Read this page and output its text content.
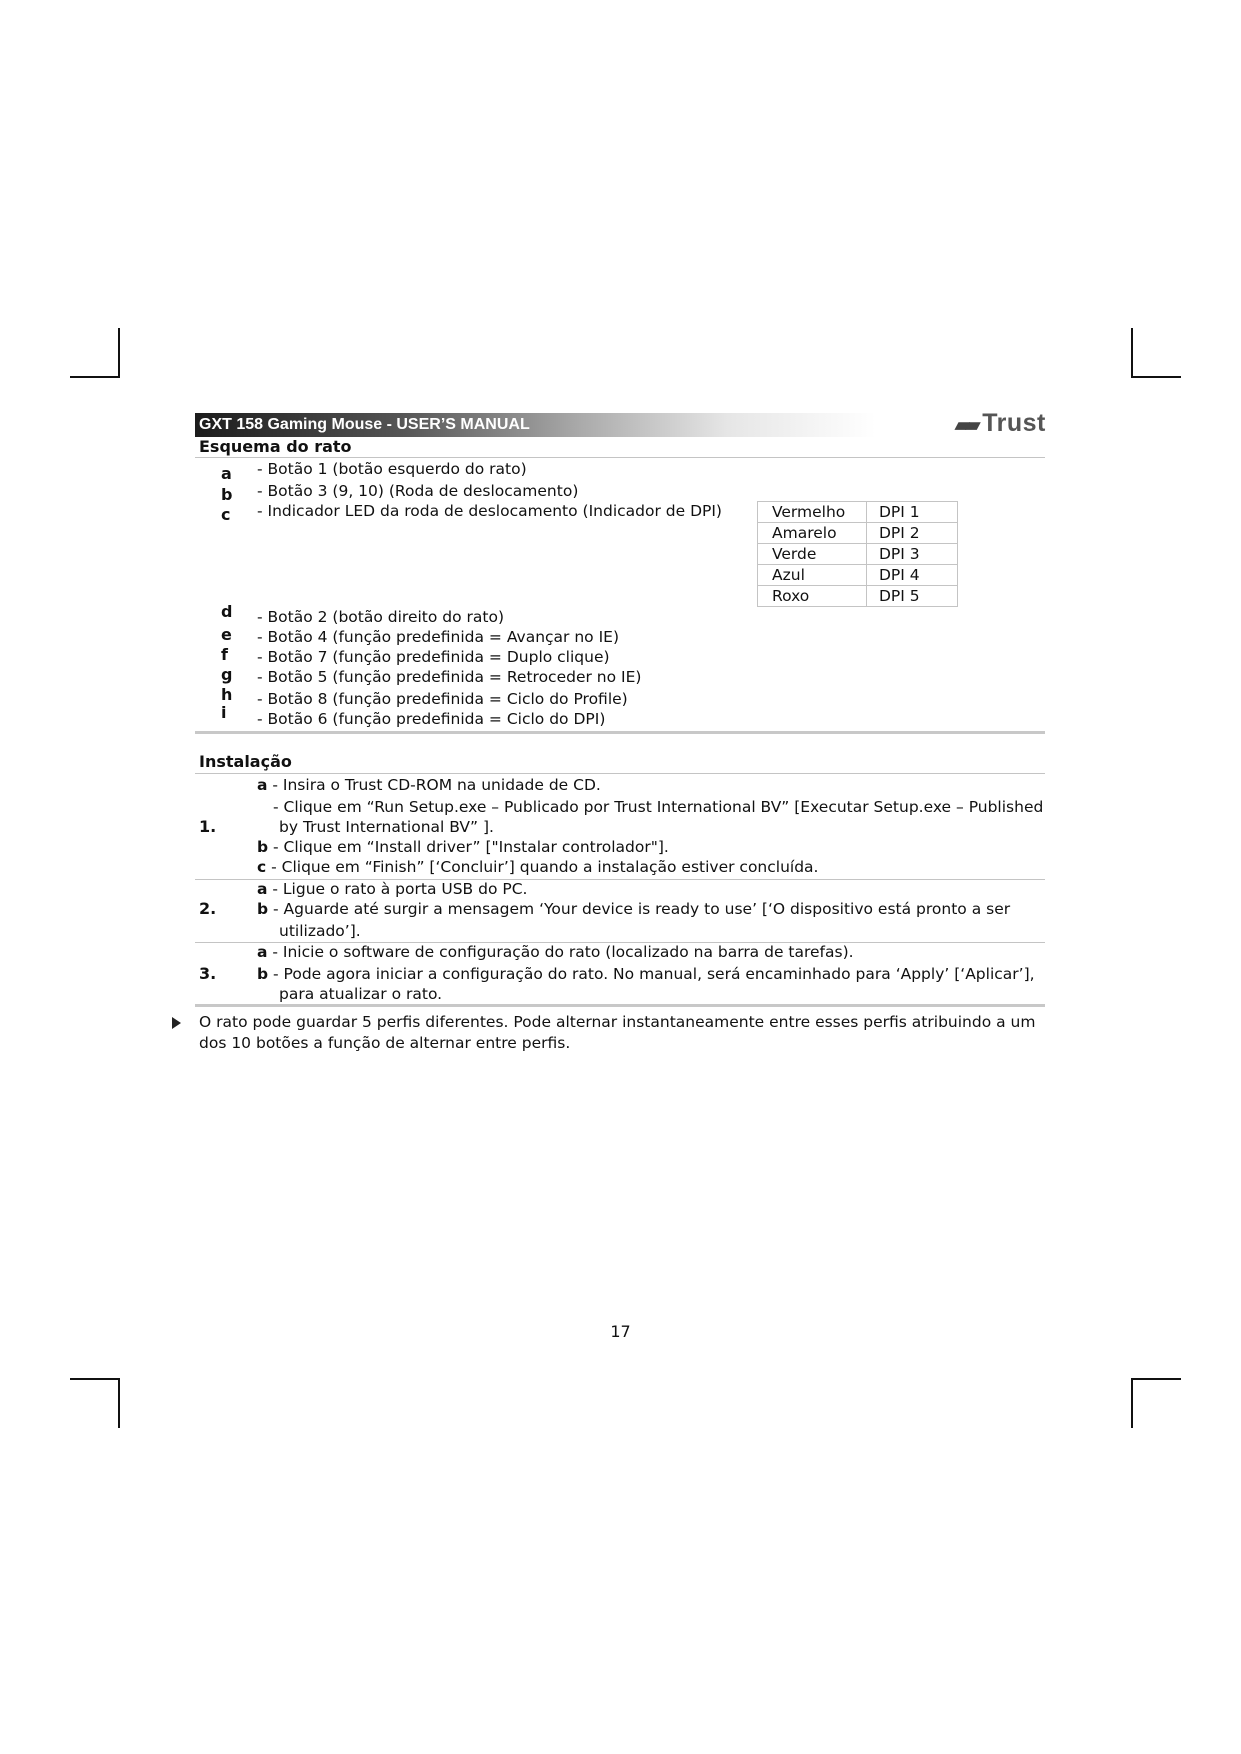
GXT 158 Gaming Mouse - USER’S MANUAL	▰▰ Trust
Esquema do rato
a	- Botão 1 (botão esquerdo do rato)
b	- Botão 3 (9, 10) (Roda de deslocamento)
c	- Indicador LED da roda de deslocamento (Indicador de DPI)	Vermelho	DPI 1
Amarelo	DPI 2
Verde	DPI 3
Azul	DPI 4
Roxo	DPI 5
d	- Botão 2 (botão direito do rato)
e	- Botão 4 (função predefinida = Avançar no IE)
f	- Botão 7 (função predefinida = Duplo clique)
g	- Botão 5 (função predefinida = Retroceder no IE)
h	- Botão 8 (função predefinida = Ciclo do Profile)
i	- Botão 6 (função predefinida = Ciclo do DPI)
Instalação
a - Insira o Trust CD-ROM na unidade de CD.
- Clique em “Run Setup.exe – Publicado por Trust International BV” [Executar Setup.exe – Published
1.	by Trust International BV” ].
b - Clique em “Install driver” ["Instalar controlador"].
c - Clique em “Finish” [‘Concluir’] quando a instalação estiver concluída.
a - Ligue o rato à porta USB do PC.
2.	b - Aguarde até surgir a mensagem ‘Your device is ready to use’ [‘O dispositivo está pronto a ser
utilizado’].
a - Inicie o software de configuração do rato (localizado na barra de tarefas).
3.	b - Pode agora iniciar a configuração do rato. No manual, será encaminhado para ‘Apply’ [‘Aplicar’],
para atualizar o rato.
O rato pode guardar 5 perfis diferentes. Pode alternar instantaneamente entre esses perfis atribuindo a um dos 10 botões a função de alternar entre perfis.
17
